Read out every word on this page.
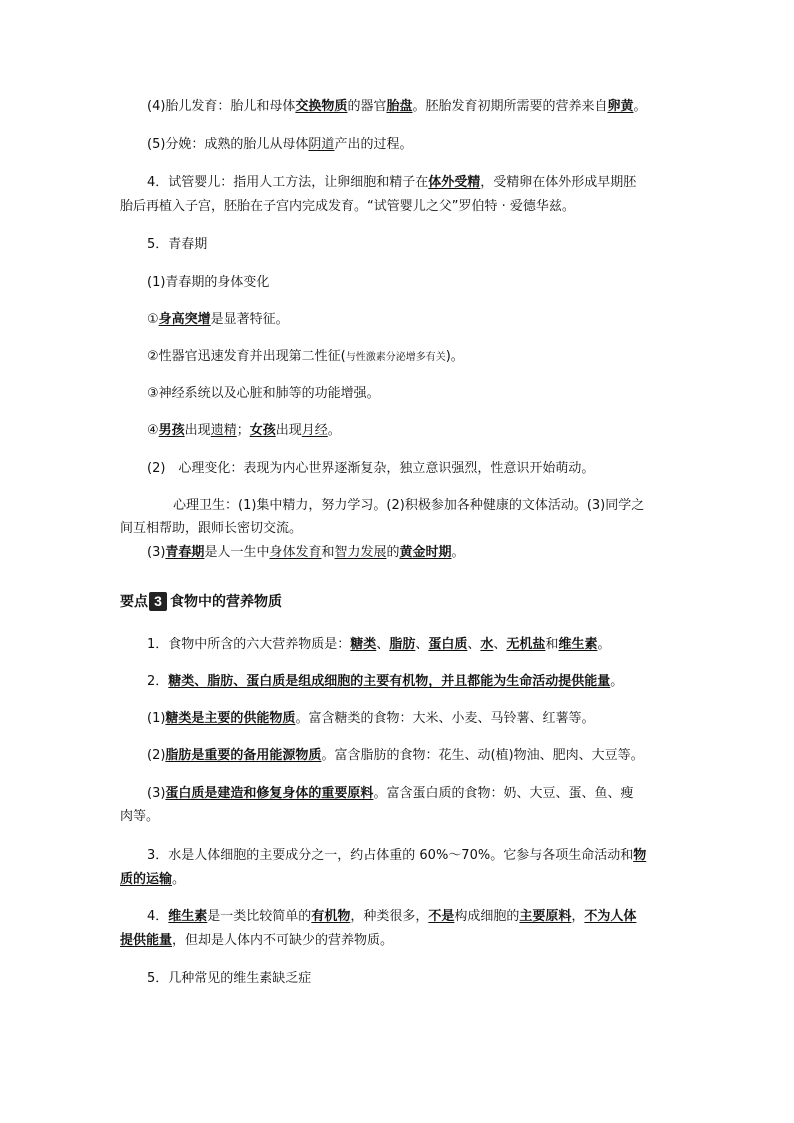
(4)胎儿发育：胎儿和母体交换物质的器官胎盘。胚胎发育初期所需要的营养来自卵黄。
(5)分娩：成熟的胎儿从母体阴道产出的过程。
4．试管婴儿：指用人工方法，让卵细胞和精子在体外受精，受精卵在体外形成早期胚
胎后再植入子宫，胚胎在子宫内完成发育。“试管婴儿之父”罗伯特 · 爱德华兹。
5．青春期
(1)青春期的身体变化
①身高突增是显著特征。
②性器官迅速发育并出现第二性征(与性激素分泌增多有关)。
③神经系统以及心脏和肺等的功能增强。
④男孩出现遗精；女孩出现月经。
(2)　心理变化：表现为内心世界逐渐复杂，独立意识强烈，性意识开始萌动。
心理卫生：(1)集中精力，努力学习。(2)积极参加各种健康的文体活动。(3)同学之
间互相帮助，跟师长密切交流。
(3)青春期是人一生中身体发育和智力发展的黄金时期。
要点 3 食物中的营养物质
1．食物中所含的六大营养物质是：糖类、脂肪、蛋白质、水、无机盐和维生素。
2．糖类、脂肪、蛋白质是组成细胞的主要有机物，并且都能为生命活动提供能量。
(1)糖类是主要的供能物质。富含糖类的食物：大米、小麦、马铃薯、红薯等。
(2)脂肪是重要的备用能源物质。富含脂肪的食物：花生、动(植)物油、肥肉、大豆等。
(3)蛋白质是建造和修复身体的重要原料。富含蛋白质的食物：奶、大豆、蛋、鱼、瘦
肉等。
3．水是人体细胞的主要成分之一，约占体重的 60%～70%。它参与各项生命活动和物
质的运输。
4．维生素是一类比较简单的有机物，种类很多，不是构成细胞的主要原料，不为人体
提供能量，但却是人体内不可缺少的营养物质。
5．几种常见的维生素缺乏症
